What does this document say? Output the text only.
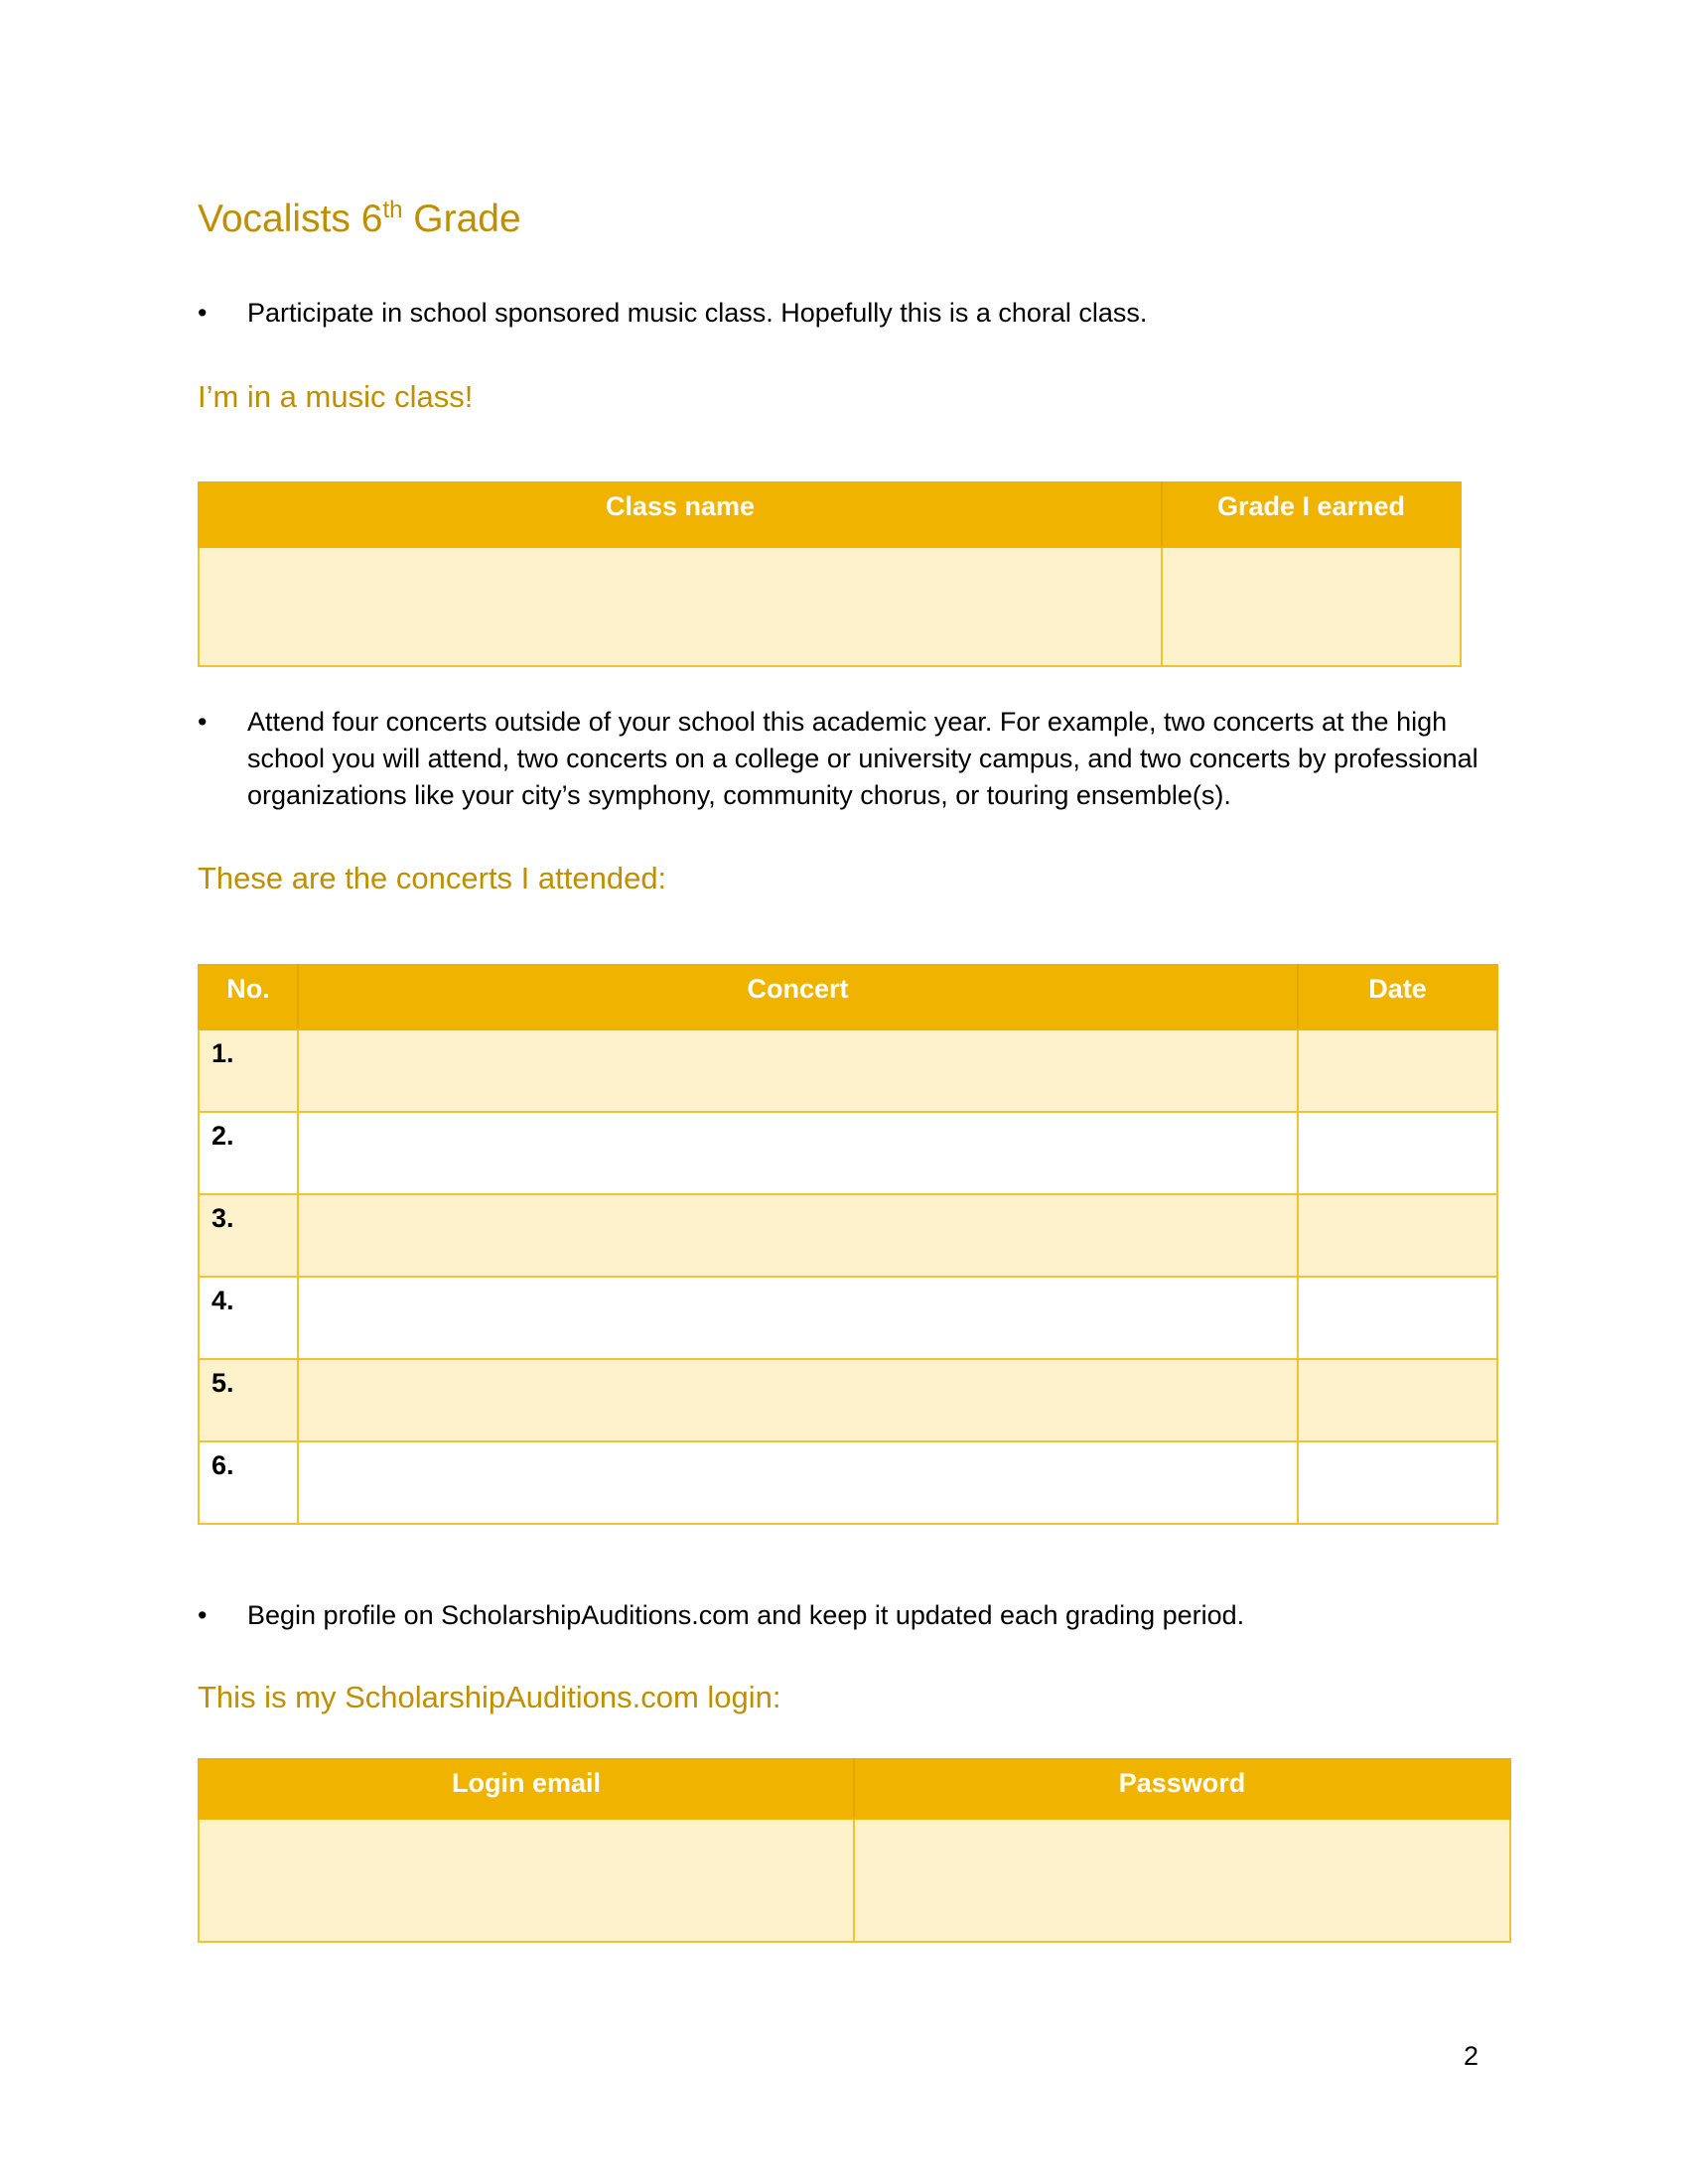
Vocalists 6th Grade
•	Participate in school sponsored music class. Hopefully this is a choral class.
I’m in a music class!
Class name	Grade I earned

•	Attend four concerts outside of your school this academic year. For example, two concerts at the high school you will attend, two concerts on a college or university campus, and two concerts by professional organizations like your city’s symphony, community chorus, or touring ensemble(s).
These are the concerts I attended:
No.	Concert	Date
1.		
2.		
3.		
4.		
5.		
6.		
•	Begin profile on ScholarshipAuditions.com and keep it updated each grading period.
This is my ScholarshipAuditions.com login:
Login email	Password

2
